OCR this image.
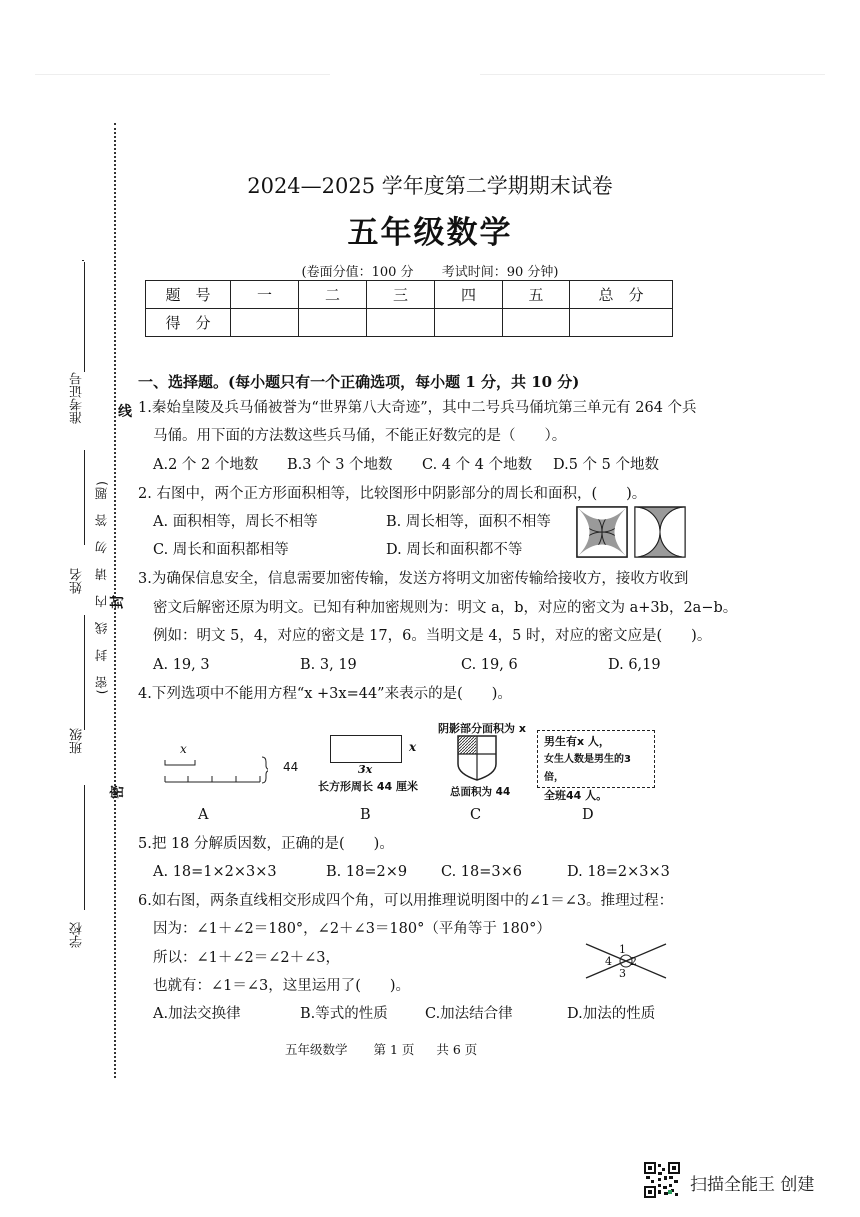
线
封
密
准考证号
姓名 (密　封　线　内　请　勿　答　题)
班级
学校
2024—2025 学年度第二学期期末试卷
五年级数学
(卷面分值：100 分 考试时间：90 分钟)
题　号	一	二	三	四	五	总　分
得　分						
一、选择题。(每小题只有一个正确选项，每小题 1 分，共 10 分)
1.秦始皇陵及兵马俑被誉为“世界第八大奇迹”，其中二号兵马俑坑第三单元有 264 个兵
马俑。用下面的方法数这些兵马俑，不能正好数完的是（　　）。
A.2 个 2 个地数 B.3 个 3 个地数 C. 4 个 4 个地数 D.5 个 5 个地数
2. 右图中，两个正方形面积相等，比较图形中阴影部分的周长和面积，(　　)。
A. 面积相等，周长不相等	B. 周长相等，面积不相等
C. 周长和面积都相等	D. 周长和面积都不等
3.为确保信息安全，信息需要加密传输，发送方将明文加密传输给接收方，接收方收到
密文后解密还原为明文。已知有种加密规则为：明文 a，b，对应的密文为 a+3b，2a−b。
例如：明文 5，4，对应的密文是 17，6。当明文是 4，5 时，对应的密文应是(　　)。
A. 19, 3	B. 3, 19	C. 19, 6	D. 6,19
4.下列选项中不能用方程“x +3x=44”来表示的是(　　)。
x
44
A
x
3x
长方形周长 44 厘米
B
阴影部分面积为 x
总面积为 44
C
男生有x 人，
女生人数是男生的3 倍，
全班44 人。
D
5.把 18 分解质因数，正确的是(　　)。
A. 18=1×2×3×3	B. 18=2×9 C. 18=3×6	D. 18=2×3×3
6.如右图，两条直线相交形成四个角，可以用推理说明图中的∠1＝∠3。推理过程：
因为：∠1＋∠2＝180°，∠2＋∠3＝180°（平角等于 180°）
所以：∠1＋∠2＝∠2＋∠3，
也就有：∠1＝∠3，这里运用了(　　)。
1
2
3
4
A.加法交换律	B.等式的性质	C.加法结合律	D.加法的性质
五年级数学 第 1 页 共 6 页
扫描全能王 创建
